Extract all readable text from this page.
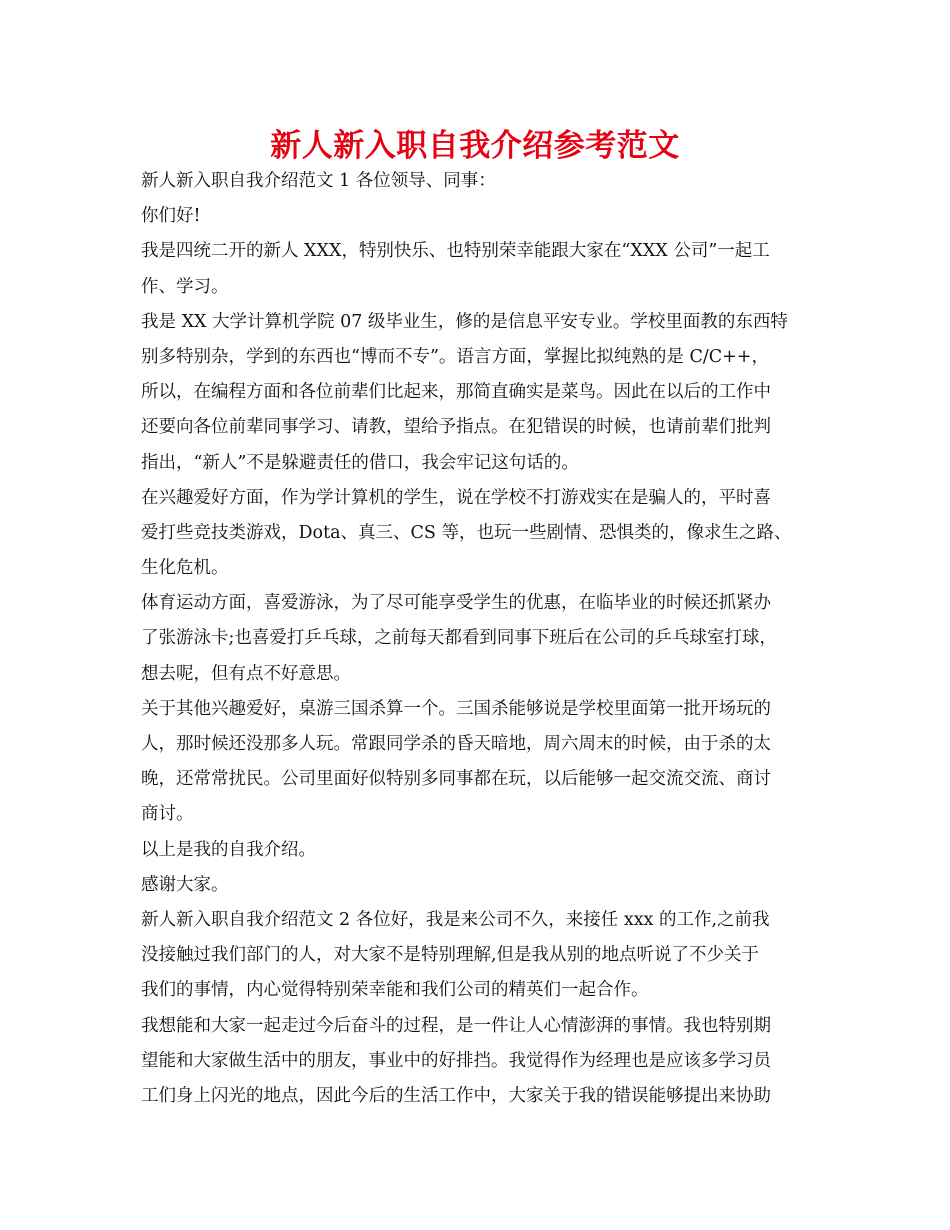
新人新入职自我介绍参考范文
新人新入职自我介绍范文 1 各位领导、同事：
你们好!
我是四统二开的新人 XXX，特别快乐、也特别荣幸能跟大家在“XXX 公司”一起工
作、学习。
我是 XX 大学计算机学院 07 级毕业生，修的是信息平安专业。学校里面教的东西特
别多特别杂，学到的东西也“博而不专”。语言方面，掌握比拟纯熟的是 C/C++，
所以，在编程方面和各位前辈们比起来，那简直确实是菜鸟。因此在以后的工作中
还要向各位前辈同事学习、请教，望给予指点。在犯错误的时候，也请前辈们批判
指出，“新人”不是躲避责任的借口，我会牢记这句话的。
在兴趣爱好方面，作为学计算机的学生，说在学校不打游戏实在是骗人的，平时喜
爱打些竞技类游戏，Dota、真三、CS 等，也玩一些剧情、恐惧类的，像求生之路、
生化危机。
体育运动方面，喜爱游泳，为了尽可能享受学生的优惠，在临毕业的时候还抓紧办
了张游泳卡;也喜爱打乒乓球，之前每天都看到同事下班后在公司的乒乓球室打球，
想去呢，但有点不好意思。
关于其他兴趣爱好，桌游三国杀算一个。三国杀能够说是学校里面第一批开场玩的
人，那时候还没那多人玩。常跟同学杀的昏天暗地，周六周末的时候，由于杀的太
晚，还常常扰民。公司里面好似特别多同事都在玩，以后能够一起交流交流、商讨
商讨。
以上是我的自我介绍。
感谢大家。
新人新入职自我介绍范文 2 各位好，我是来公司不久，来接任 xxx 的工作,之前我
没接触过我们部门的人，对大家不是特别理解,但是我从别的地点听说了不少关于
我们的事情，内心觉得特别荣幸能和我们公司的精英们一起合作。
我想能和大家一起走过今后奋斗的过程，是一件让人心情澎湃的事情。我也特别期
望能和大家做生活中的朋友，事业中的好排挡。我觉得作为经理也是应该多学习员
工们身上闪光的地点，因此今后的生活工作中，大家关于我的错误能够提出来协助
